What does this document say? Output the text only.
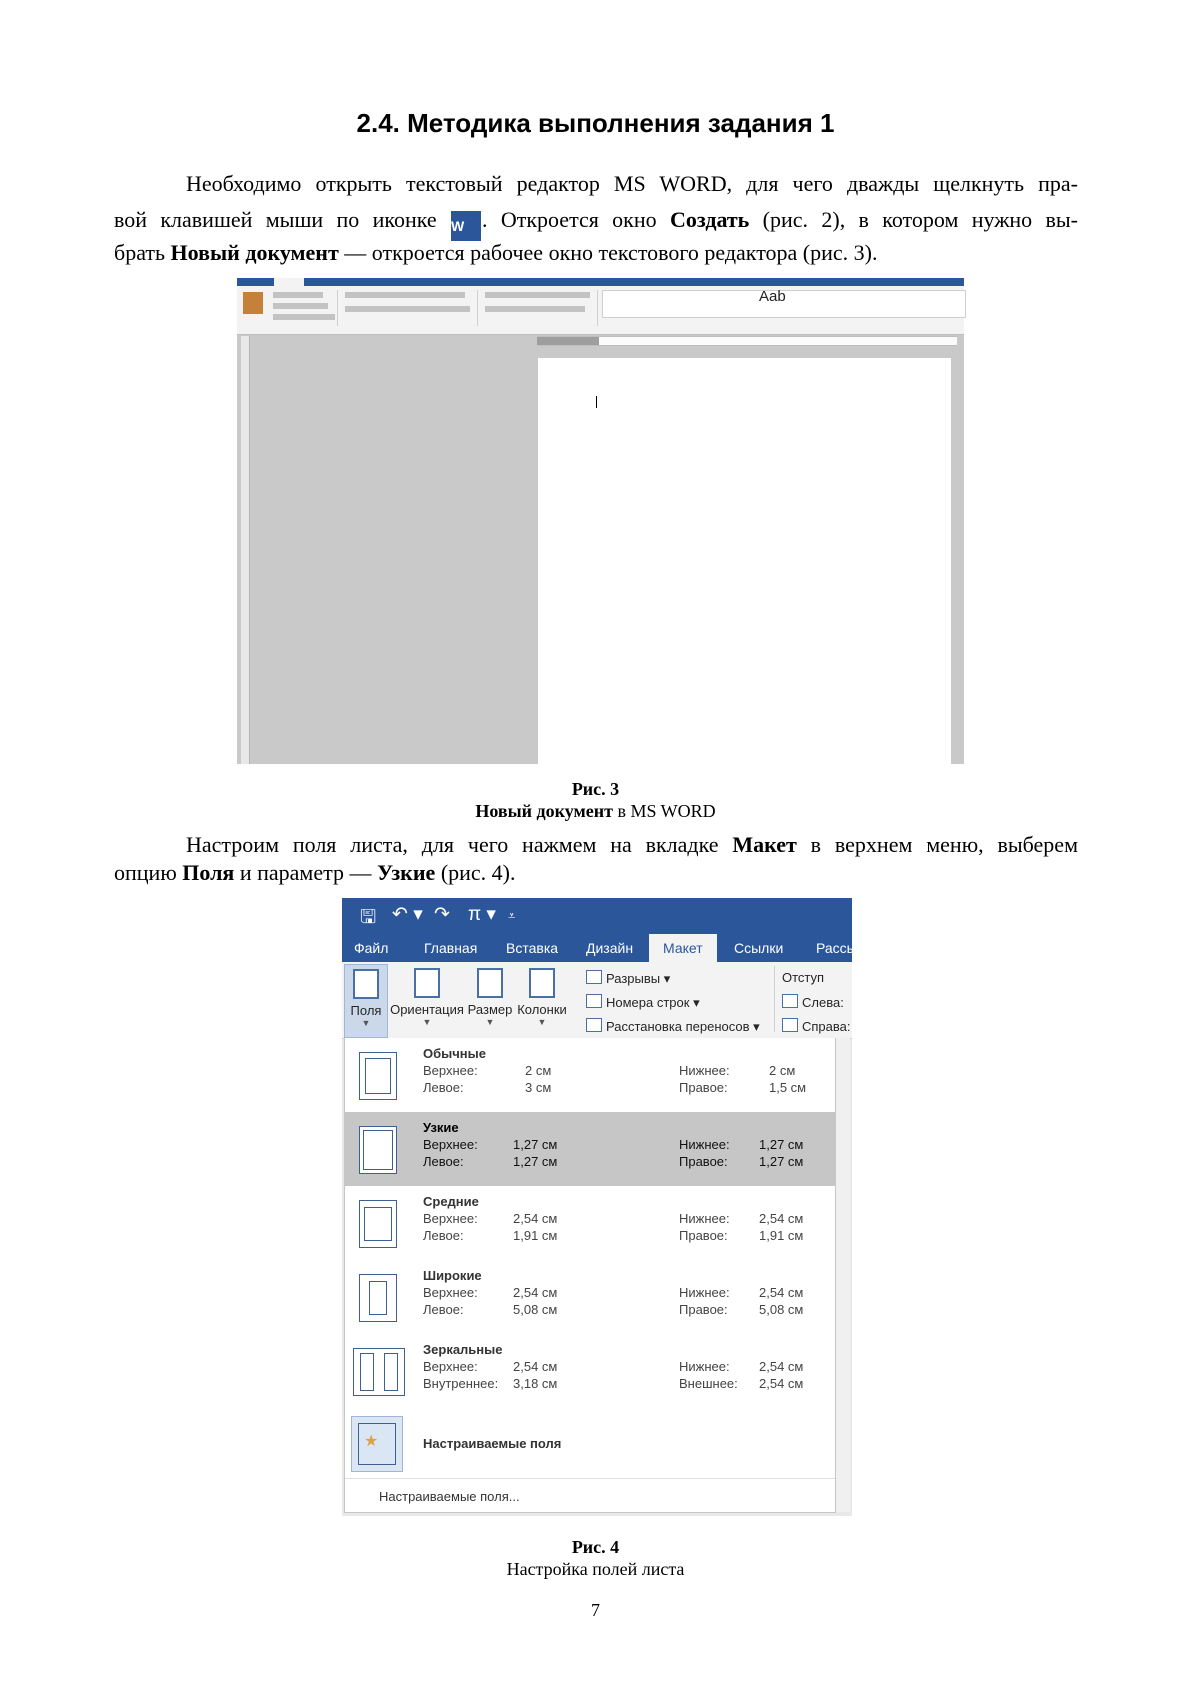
2.4. Методика выполнения задания 1
Необходимо открыть текстовый редактор MS WORD, для чего дважды щелкнуть пра-
вой клавишей мыши по иконке W . Откроется окно Создать (рис. 2), в котором нужно вы-
брать Новый документ — откроется рабочее окно текстового редактора (рис. 3).
Aab
Рис. 3
Новый документ в MS WORD
Настроим поля листа, для чего нажмем на вкладке Макет в верхнем меню, выберем
опцию Поля и параметр — Узкие (рис. 4).
🖫 ↶ ▾ ↷ π ▾ ⩡
Файл	Главная Вставка Дизайн	Макет	Ссылки Рассы
Поля
▼
Ориентация
▼
Размер
▼
Колонки
▼
Разрывы ▾
Номера строк ▾
Расстановка переносов ▾
Отступ
Слева:
Справа:
Обычные
Верхнее:	2 см	Нижнее:	2 см
Левое:	3 см	Правое:	1,5 см
Узкие
Верхнее:	1,27 см	Нижнее: 1,27 см
Левое:	1,27 см	Правое: 1,27 см
Средние
Верхнее:	2,54 см	Нижнее: 2,54 см
Левое:	1,91 см	Правое: 1,91 см
Широкие
Верхнее:	2,54 см	Нижнее: 2,54 см
Левое:	5,08 см	Правое: 5,08 см
Зеркальные
Верхнее:	2,54 см	Нижнее: 2,54 см
Внутреннее: 3,18 см	Внешнее: 2,54 см
★	Настраиваемые поля
Настраиваемые поля...
Рис. 4
Настройка полей листа
7
